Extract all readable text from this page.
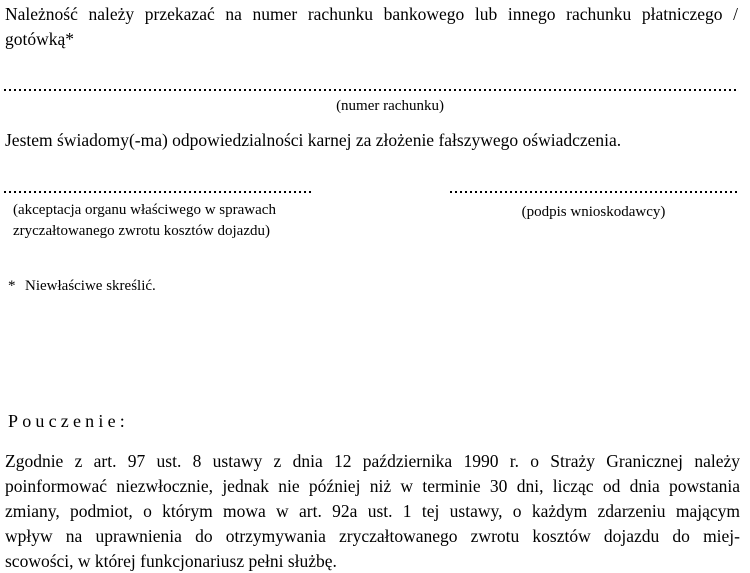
Należność należy przekazać na numer rachunku bankowego lub innego rachunku płatniczego /
gotówką*
(numer rachunku)
Jestem świadomy(-ma) odpowiedzialności karnej za złożenie fałszywego oświadczenia.
(akceptacja organu właściwego w sprawach
zryczałtowanego zwrotu kosztów dojazdu)
(podpis wnioskodawcy)
* Niewłaściwe skreślić.
Pouczenie:
Zgodnie z art. 97 ust. 8 ustawy z dnia 12 października 1990 r. o Straży Granicznej należy
poinformować niezwłocznie, jednak nie później niż w terminie 30 dni, licząc od dnia powstania
zmiany, podmiot, o którym mowa w art. 92a ust. 1 tej ustawy, o każdym zdarzeniu mającym
wpływ na uprawnienia do otrzymywania zryczałtowanego zwrotu kosztów dojazdu do miej-
scowości, w której funkcjonariusz pełni służbę.
